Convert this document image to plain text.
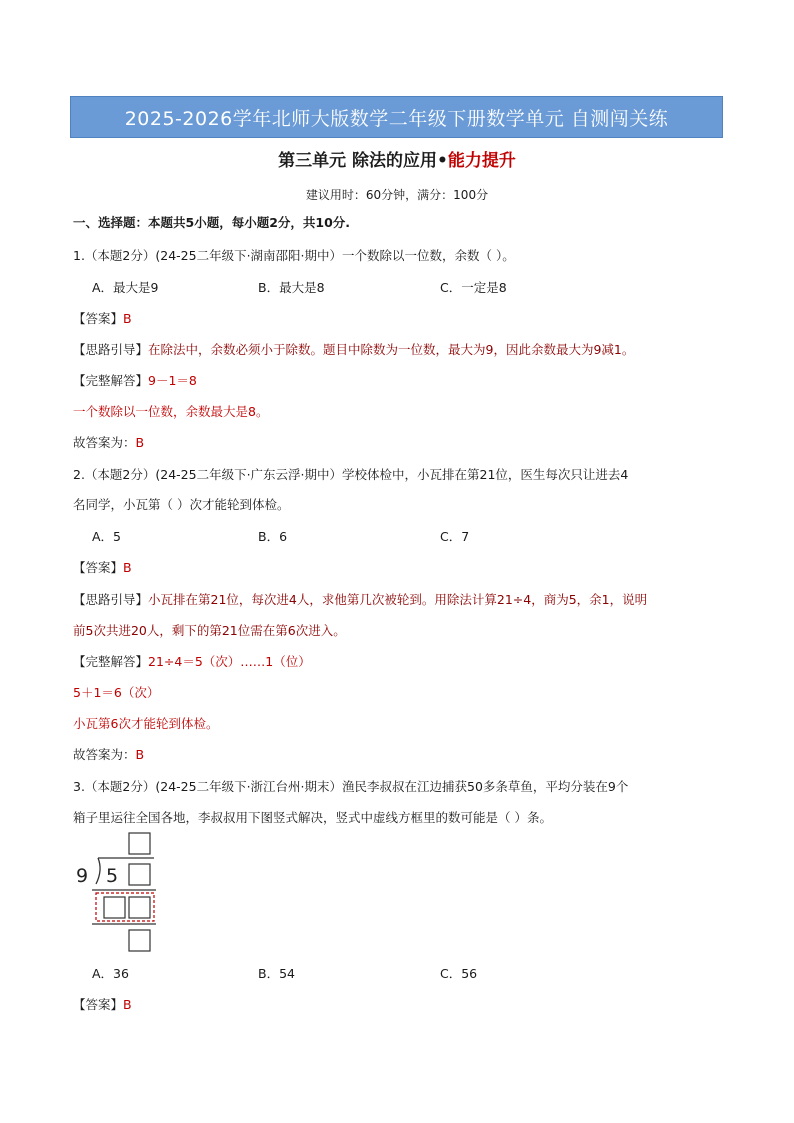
2025-2026学年北师大版数学二年级下册数学单元 自测闯关练
第三单元 除法的应用•能力提升
建议用时：60分钟，满分：100分
一、选择题：本题共5小题，每小题2分，共10分.
1.（本题2分）(24-25二年级下·湖南邵阳·期中）一个数除以一位数，余数（ ）。
A．最大是9	B．最大是8	C．一定是8
【答案】B
【思路引导】在除法中，余数必须小于除数。题目中除数为一位数，最大为9，因此余数最大为9减1。
【完整解答】9－1＝8
一个数除以一位数，余数最大是8。
故答案为：B
2.（本题2分）(24-25二年级下·广东云浮·期中）学校体检中，小瓦排在第21位，医生每次只让进去4
名同学，小瓦第（ ）次才能轮到体检。
A．5	B．6	C．7
【答案】B
【思路引导】小瓦排在第21位，每次进4人，求他第几次被轮到。用除法计算21÷4，商为5，余1，说明
前5次共进20人，剩下的第21位需在第6次进入。
【完整解答】21÷4＝5（次）……1（位）
5＋1＝6（次）
小瓦第6次才能轮到体检。
故答案为：B
3.（本题2分）(24-25二年级下·浙江台州·期末）渔民李叔叔在江边捕获50多条草鱼，平均分装在9个
箱子里运往全国各地，李叔叔用下图竖式解决，竖式中虚线方框里的数可能是（ ）条。
9 5
A．36	B．54	C．56
【答案】B
